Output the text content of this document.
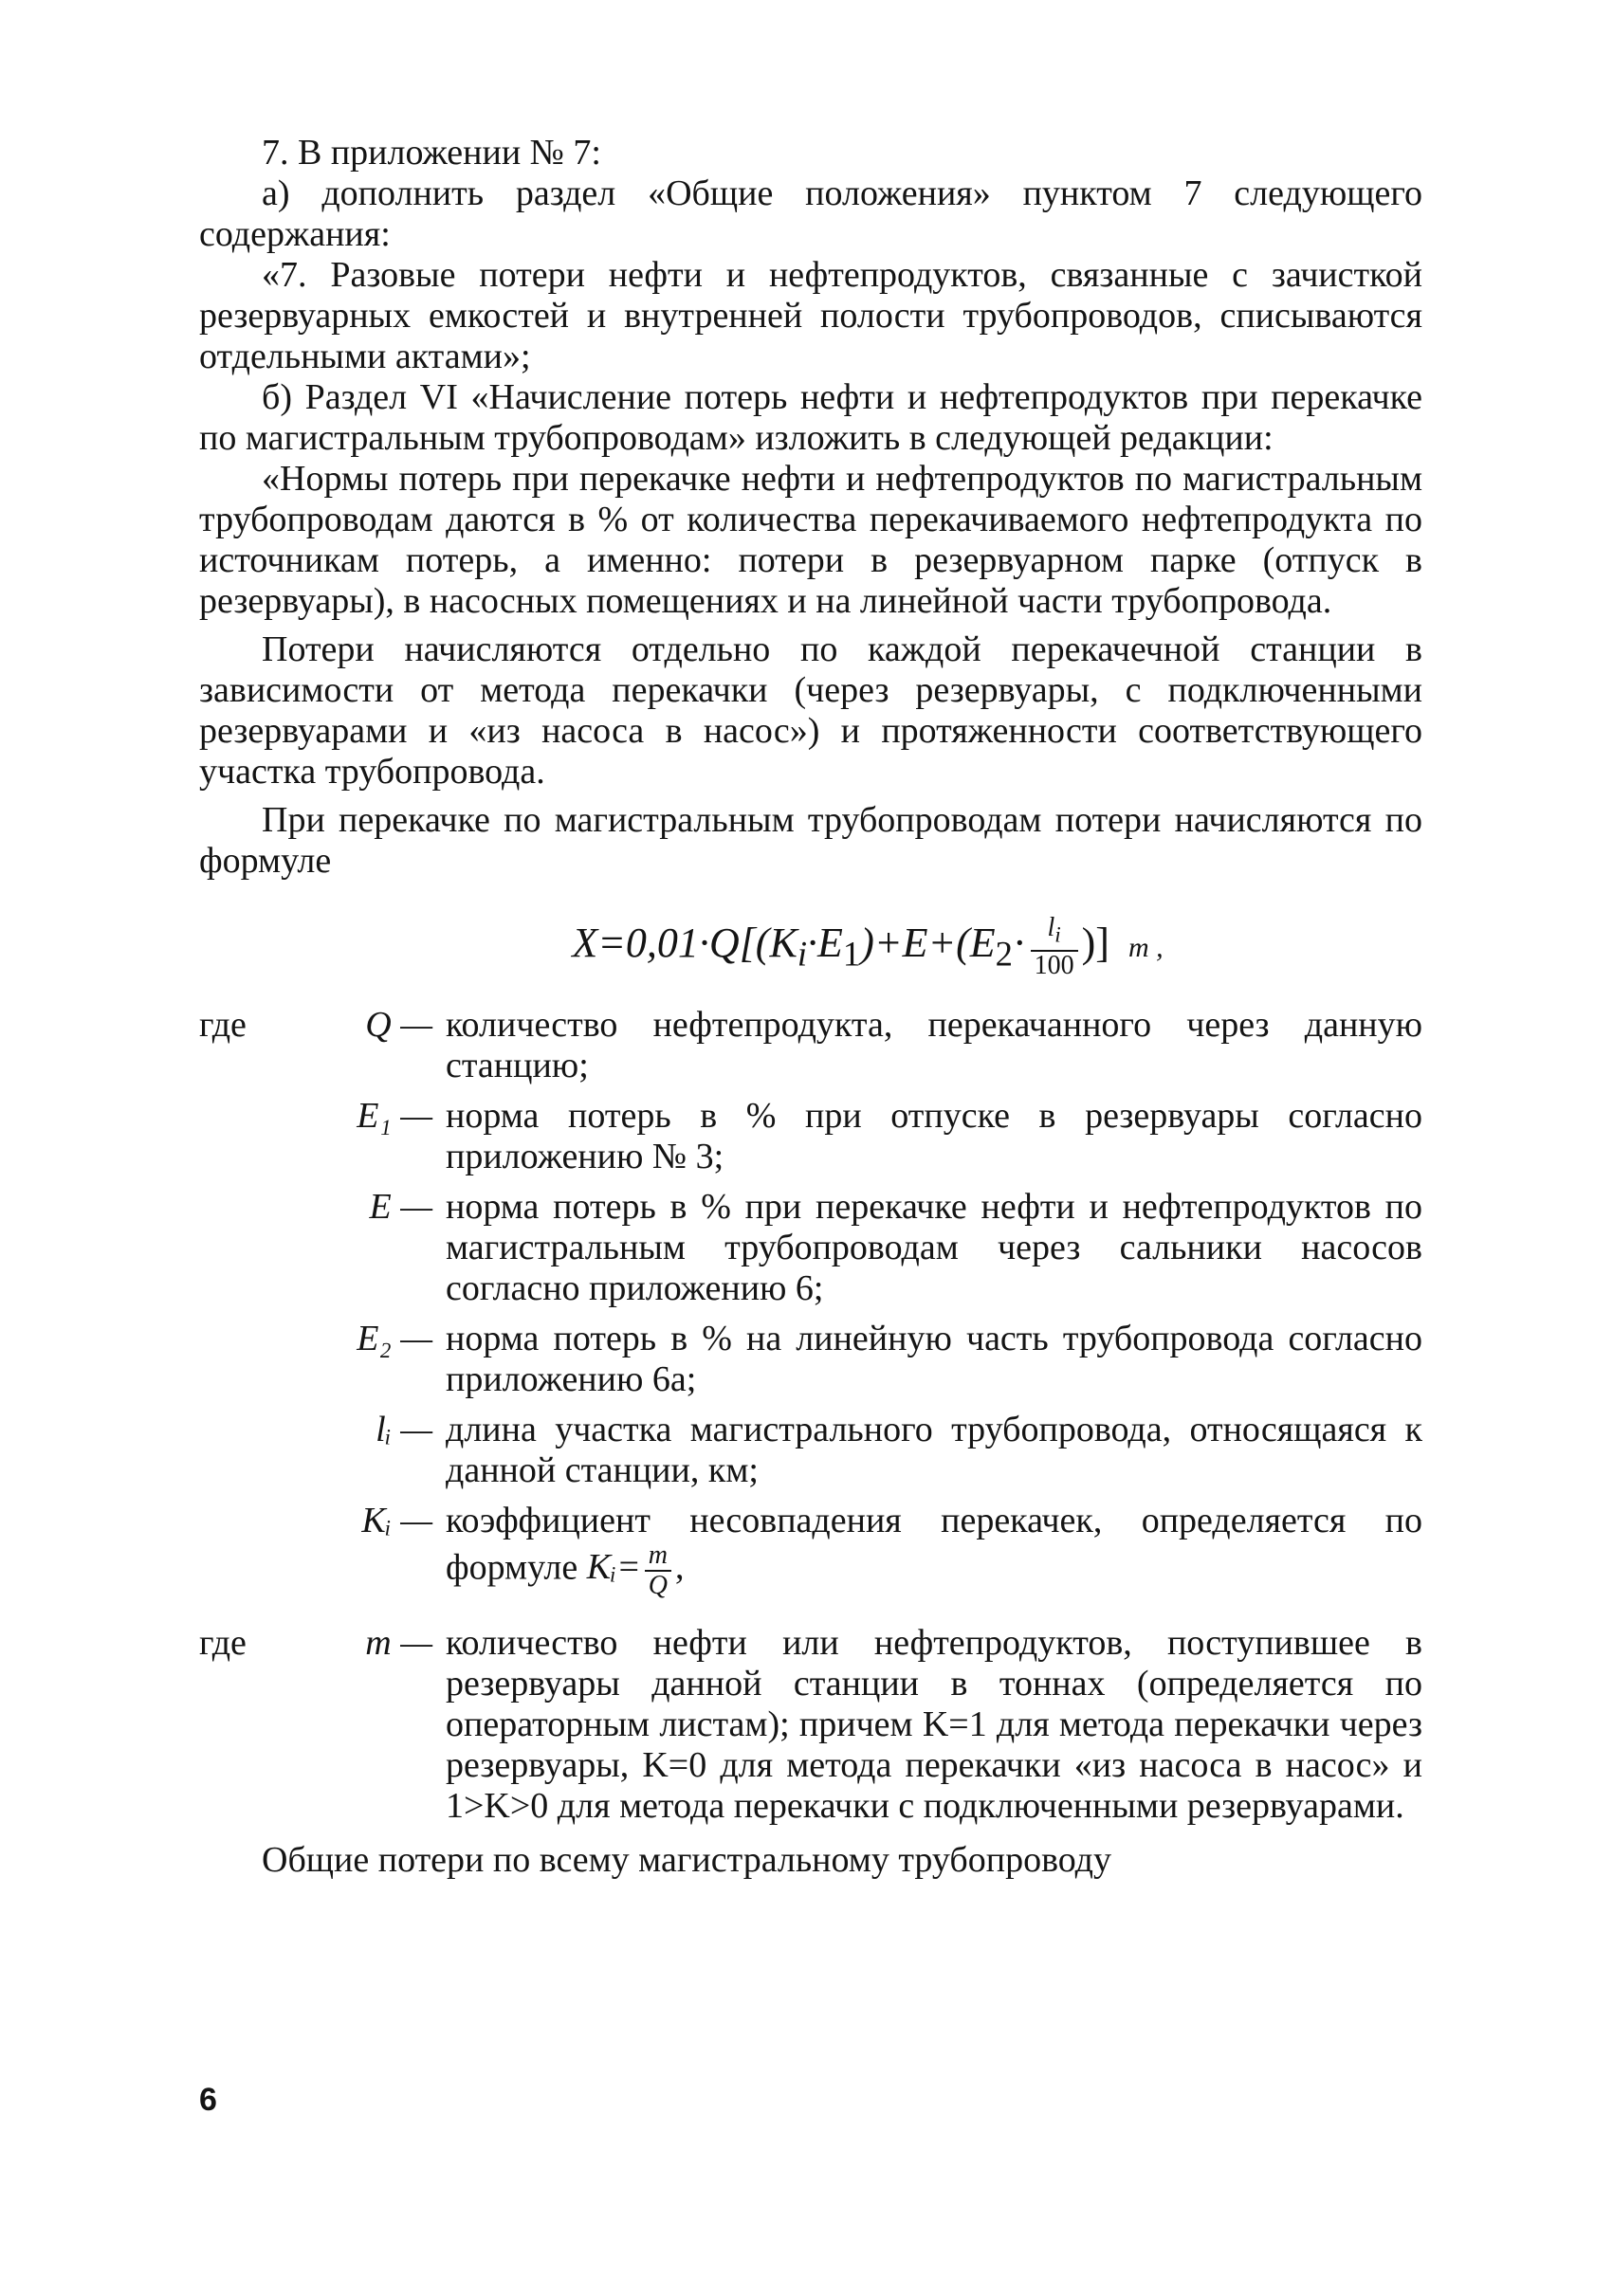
7. В приложении № 7:

а) дополнить раздел «Общие положения» пунктом 7 следующего содержания:

«7. Разовые потери нефти и нефтепродуктов, связанные с зачисткой резервуарных емкостей и внутренней полости трубопроводов, списываются отдельными актами»;

б) Раздел VI «Начисление потерь нефти и нефтепродуктов при перекачке по магистральным трубопроводам» изложить в следующей редакции:

«Нормы потерь при перекачке нефти и нефтепродуктов по магистральным трубопроводам даются в % от количества перекачиваемого нефтепродукта по источникам потерь, а именно: потери в резервуарном парке (отпуск в резервуары), в насосных помещениях и на линейной части трубопровода.

Потери начисляются отдельно по каждой перекачечной станции в зависимости от метода перекачки (через резервуары, с подключенными резервуарами и «из насоса в насос») и протяженности соответствующего участка трубопровода.

При перекачке по магистральным трубопроводам потери начисляются по формуле

$X=0,01\cdot Q[(K_i\cdot E_1)+E+(E_2\cdot \frac{l_i}{100}$ )] т ,
где	Q — количество нефтепродукта, перекачанного через данную станцию;
E₁ — норма потерь в % при отпуске в резервуары согласно приложению № 3;
E — норма потерь в % при перекачке нефти и нефтепродуктов по магистральным трубопроводам через сальники насосов согласно приложению 6;
E₂ — норма потерь в % на линейную часть трубопровода согласно приложению 6а;
lᵢ — длина участка магистрального трубопровода, относящаяся к данной станции, км;
Kᵢ — коэффициент несовпадения перекачек, определяется по формуле Kᵢ= $\frac{m}{Q}$ ,
где	m — количество нефти или нефтепродуктов, поступившее в резервуары данной станции в тоннах (определяется по операторным листам); причем K=1 для метода перекачки через резервуары, K=0 для метода перекачки «из насоса в насос» и 1>K>0 для метода перекачки с подключенными резервуарами.

Общие потери по всему магистральному трубопроводу

6
